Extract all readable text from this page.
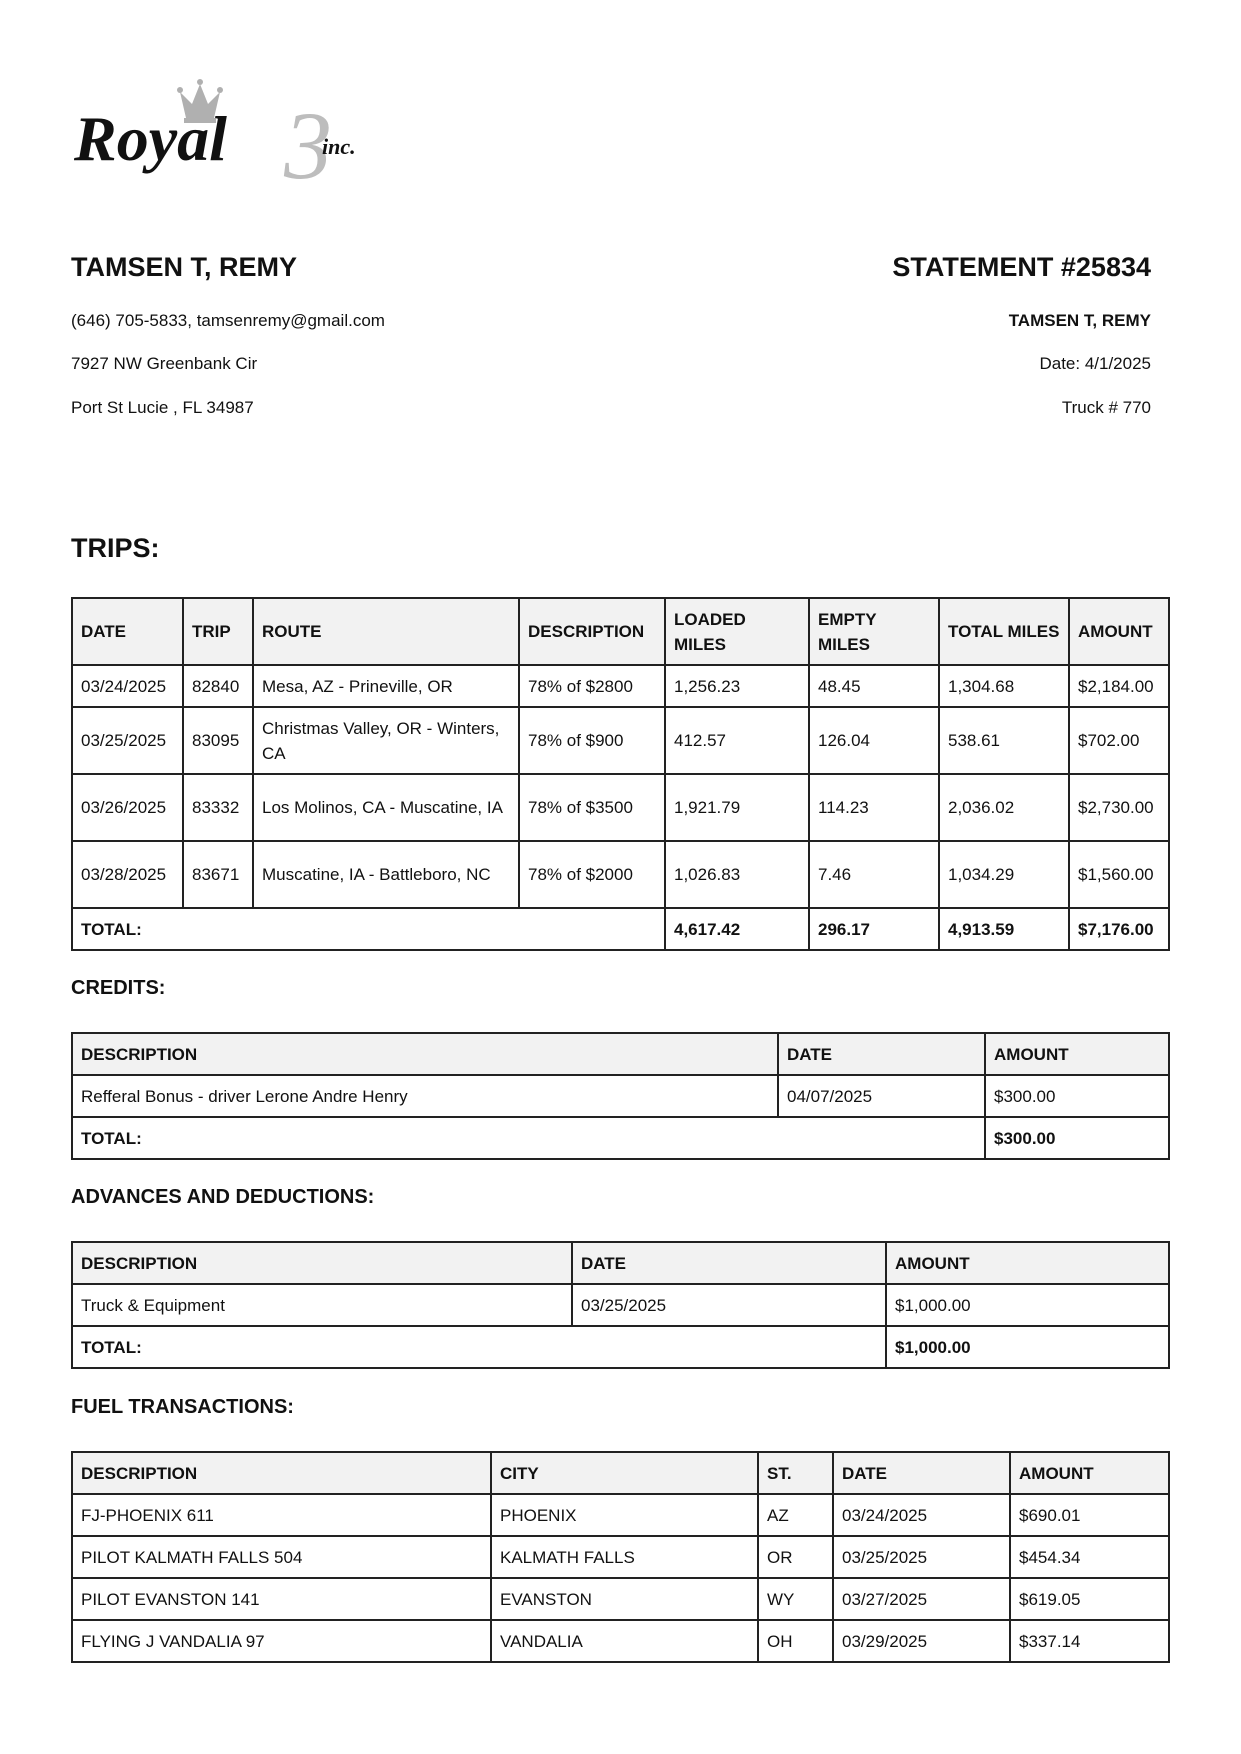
3
Royal	inc.
TAMSEN T, REMY	STATEMENT #25834
(646) 705-5833, tamsenremy@gmail.com
7927 NW Greenbank Cir
Port St Lucie , FL 34987
TAMSEN T, REMY
Date: 4/1/2025
Truck # 770
TRIPS:
DATE	TRIP	ROUTE	DESCRIPTION	LOADED MILES	EMPTY MILES	TOTAL MILES	AMOUNT
03/24/2025	82840	Mesa, AZ - Prineville, OR	78% of $2800	1,256.23	48.45	1,304.68	$2,184.00
03/25/2025	83095	Christmas Valley, OR - Winters, CA	78% of $900	412.57	126.04	538.61	$702.00
03/26/2025	83332	Los Molinos, CA - Muscatine, IA	78% of $3500	1,921.79	114.23	2,036.02	$2,730.00
03/28/2025	83671	Muscatine, IA - Battleboro, NC	78% of $2000	1,026.83	7.46	1,034.29	$1,560.00
TOTAL:				4,617.42	296.17	4,913.59	$7,176.00
CREDITS:
DESCRIPTION	DATE	AMOUNT
Refferal Bonus - driver Lerone Andre Henry	04/07/2025	$300.00
TOTAL:		$300.00
ADVANCES AND DEDUCTIONS:
DESCRIPTION	DATE	AMOUNT
Truck & Equipment	03/25/2025	$1,000.00
TOTAL:		$1,000.00
FUEL TRANSACTIONS:
DESCRIPTION	CITY	ST.	DATE	AMOUNT
FJ-PHOENIX 611	PHOENIX	AZ	03/24/2025	$690.01
PILOT KALMATH FALLS 504	KALMATH FALLS	OR	03/25/2025	$454.34
PILOT EVANSTON 141	EVANSTON	WY	03/27/2025	$619.05
FLYING J VANDALIA 97	VANDALIA	OH	03/29/2025	$337.14
